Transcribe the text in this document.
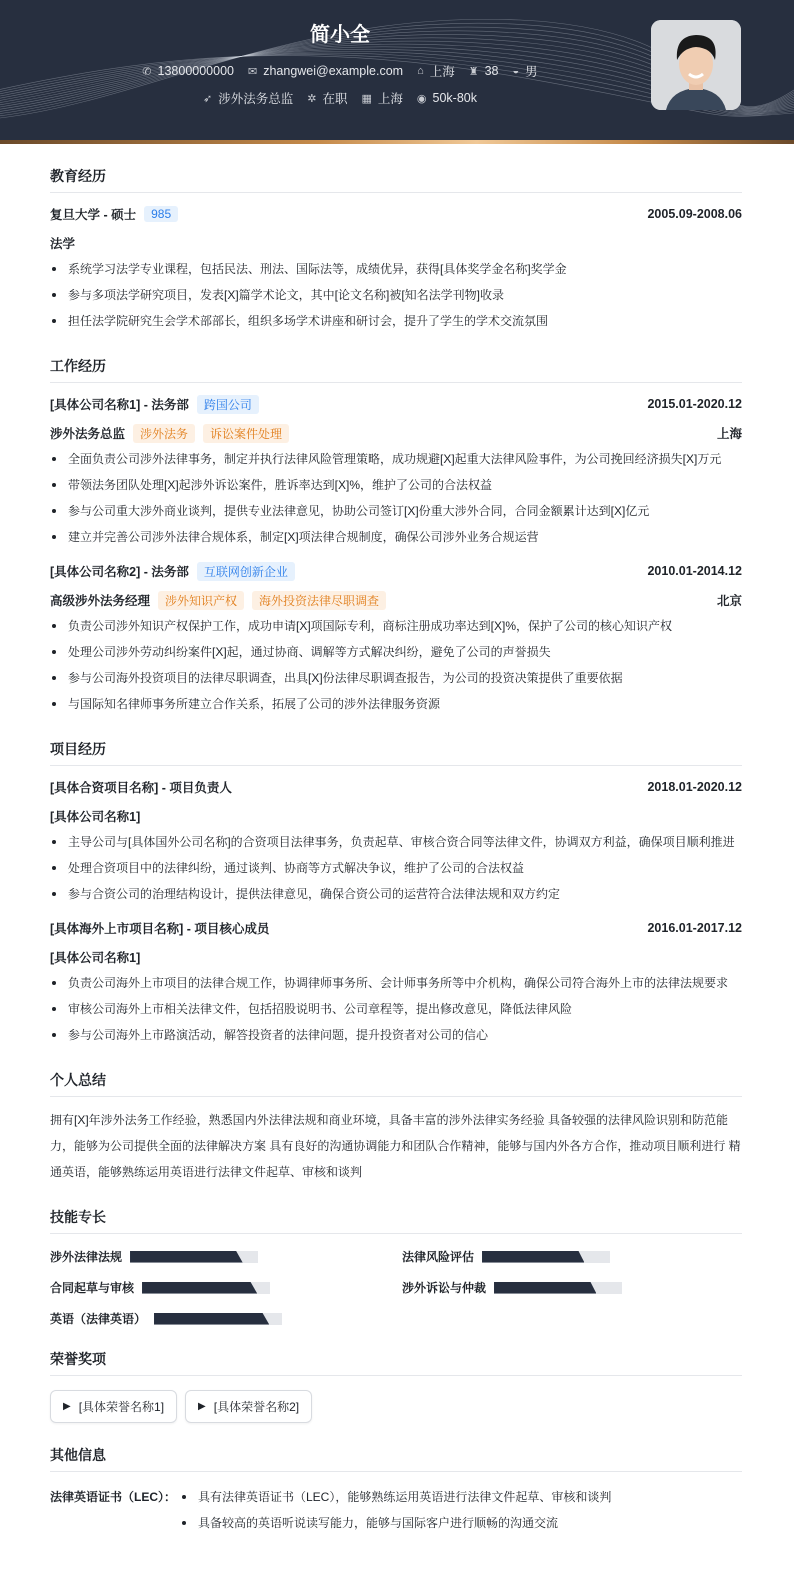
简小全
✆ 13800000000 ✉ zhangwei@example.com ⌂ 上海 ♜ 38 ◒ 男
➶ 涉外法务总监 ✲ 在职 ▦ 上海 ◉ 50k-80k
教育经历
复旦大学 - 硕士	985	2005.09-2008.06
法学
系统学习法学专业课程，包括民法、刑法、国际法等，成绩优异，获得[具体奖学金名称]奖学金
参与多项法学研究项目，发表[X]篇学术论文，其中[论文名称]被[知名法学刊物]收录
担任法学院研究生会学术部部长，组织多场学术讲座和研讨会，提升了学生的学术交流氛围
工作经历
[具体公司名称1] - 法务部	跨国公司	2015.01-2020.12
涉外法务总监	涉外法务	诉讼案件处理	上海
全面负责公司涉外法律事务，制定并执行法律风险管理策略，成功规避[X]起重大法律风险事件，为公司挽回经济损失[X]万元
带领法务团队处理[X]起涉外诉讼案件，胜诉率达到[X]%，维护了公司的合法权益
参与公司重大涉外商业谈判，提供专业法律意见，协助公司签订[X]份重大涉外合同，合同金额累计达到[X]亿元
建立并完善公司涉外法律合规体系，制定[X]项法律合规制度，确保公司涉外业务合规运营
[具体公司名称2] - 法务部	互联网创新企业	2010.01-2014.12
高级涉外法务经理	涉外知识产权	海外投资法律尽职调查	北京
负责公司涉外知识产权保护工作，成功申请[X]项国际专利，商标注册成功率达到[X]%，保护了公司的核心知识产权
处理公司涉外劳动纠纷案件[X]起，通过协商、调解等方式解决纠纷，避免了公司的声誉损失
参与公司海外投资项目的法律尽职调查，出具[X]份法律尽职调查报告，为公司的投资决策提供了重要依据
与国际知名律师事务所建立合作关系，拓展了公司的涉外法律服务资源
项目经历
[具体合资项目名称] - 项目负责人	2018.01-2020.12
[具体公司名称1]
主导公司与[具体国外公司名称]的合资项目法律事务，负责起草、审核合资合同等法律文件，协调双方利益，确保项目顺利推进
处理合资项目中的法律纠纷，通过谈判、协商等方式解决争议，维护了公司的合法权益
参与合资公司的治理结构设计，提供法律意见，确保合资公司的运营符合法律法规和双方约定
[具体海外上市项目名称] - 项目核心成员	2016.01-2017.12
[具体公司名称1]
负责公司海外上市项目的法律合规工作，协调律师事务所、会计师事务所等中介机构，确保公司符合海外上市的法律法规要求
审核公司海外上市相关法律文件，包括招股说明书、公司章程等，提出修改意见，降低法律风险
参与公司海外上市路演活动，解答投资者的法律问题，提升投资者对公司的信心
个人总结
拥有[X]年涉外法务工作经验，熟悉国内外法律法规和商业环境，具备丰富的涉外法律实务经验 具备较强的法律风险识别和防范能力，能够为公司提供全面的法律解决方案 具有良好的沟通协调能力和团队合作精神，能够与国内外各方合作，推动项目顺利进行 精通英语，能够熟练运用英语进行法律文件起草、审核和谈判
技能专长
涉外法律法规	法律风险评估
合同起草与审核	涉外诉讼与仲裁
英语（法律英语）
荣誉奖项
▶ [具体荣誉名称1]	▶ [具体荣誉名称2]
其他信息
法律英语证书（LEC）：	具有法律英语证书（LEC），能够熟练运用英语进行法律文件起草、审核和谈判
具备较高的英语听说读写能力，能够与国际客户进行顺畅的沟通交流
